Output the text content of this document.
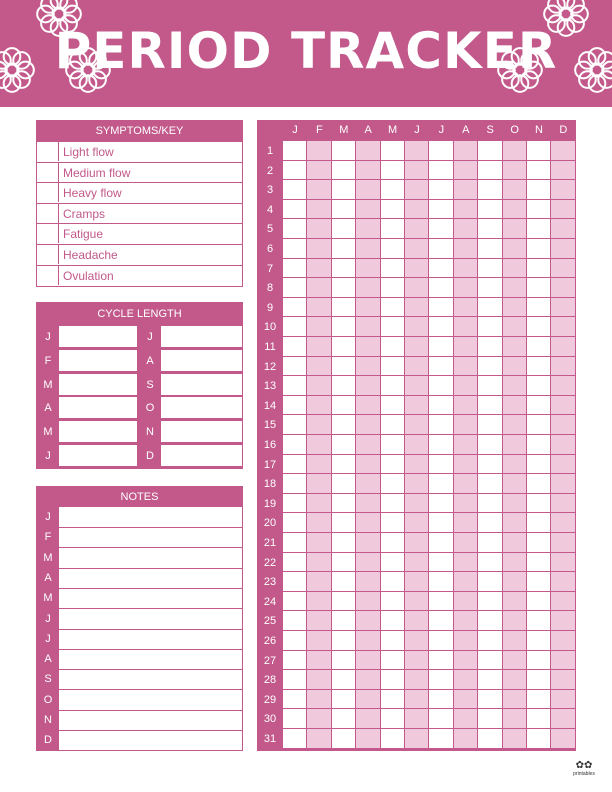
PERIOD TRACKER
SYMPTOMS/KEY
Light flow
Medium flow
Heavy flow
Cramps
Fatigue
Headache
Ovulation
CYCLE LENGTH
J	J
F	A
M	S
A	O
M	N
J	D
NOTES
J
F
M
A
M
J
J
A
S
O
N
D
J	F	M	A	M	J	J	A	S	O	N	D
1
2
3
4
5
6
7
8
9
10
11
12
13
14
15
16
17
18
19
20
21
22
23
24
25
26
27
28
29
30
31
✿✿
printables
